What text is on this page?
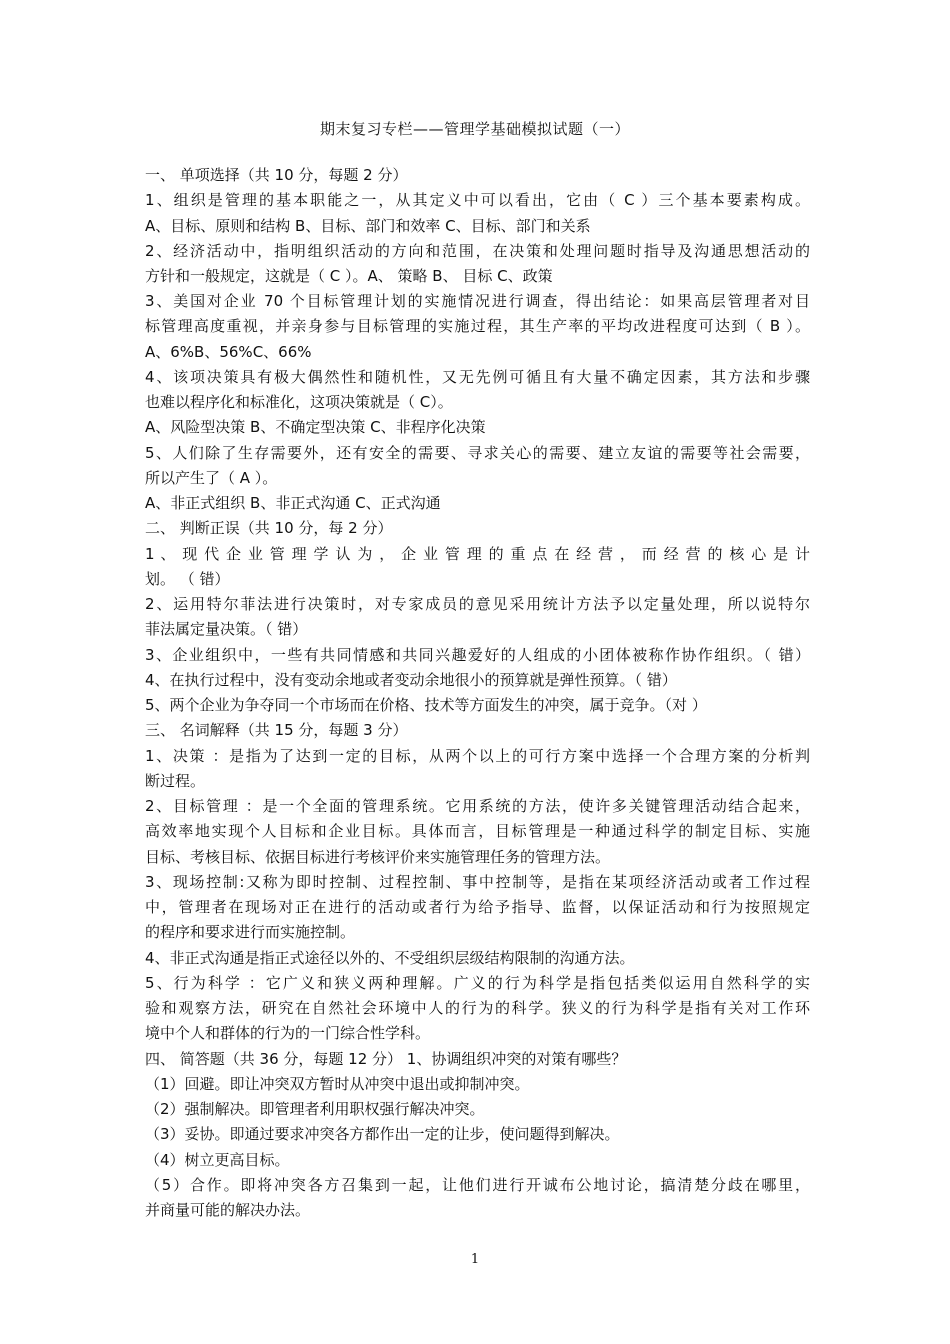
期末复习专栏——管理学基础模拟试题（一）
一、 单项选择（共 10 分，每题 2 分）
1、组织是管理的基本职能之一，从其定义中可以看出，它由（ C ）三个基本要素构成。
A、目标、原则和结构 B、目标、部门和效率 C、目标、部门和关系
2、经济活动中，指明组织活动的方向和范围，在决策和处理问题时指导及沟通思想活动的
方针和一般规定，这就是（ C ）。A、 策略 B、 目标 C、政策
3、美国对企业 70 个目标管理计划的实施情况进行调查，得出结论：如果高层管理者对目
标管理高度重视，并亲身参与目标管理的实施过程，其生产率的平均改进程度可达到（ B ）。
A、6%B、56%C、66%
4、该项决策具有极大偶然性和随机性，又无先例可循且有大量不确定因素，其方法和步骤
也难以程序化和标准化，这项决策就是（ C）。
A、风险型决策 B、不确定型决策 C、非程序化决策
5、人们除了生存需要外，还有安全的需要、寻求关心的需要、建立友谊的需要等社会需要，
所以产生了（ A ）。
A、非正式组织 B、非正式沟通 C、正式沟通
二、 判断正误（共 10 分，每 2 分）
1 、 现 代 企 业 管 理 学 认 为 ， 企 业 管 理 的 重 点 在 经 营 ， 而 经 营 的 核 心 是 计
划。 （ 错）
2、运用特尔菲法进行决策时，对专家成员的意见采用统计方法予以定量处理，所以说特尔
菲法属定量决策。（ 错）
3、企业组织中，一些有共同情感和共同兴趣爱好的人组成的小团体被称作协作组织。（ 错）
4、在执行过程中，没有变动余地或者变动余地很小的预算就是弹性预算。（ 错）
5、两个企业为争夺同一个市场而在价格、技术等方面发生的冲突，属于竞争。（对 ）
三、 名词解释（共 15 分，每题 3 分）
1、决策 ：是指为了达到一定的目标，从两个以上的可行方案中选择一个合理方案的分析判
断过程。
2、目标管理 ：是一个全面的管理系统。它用系统的方法，使许多关键管理活动结合起来，
高效率地实现个人目标和企业目标。具体而言，目标管理是一种通过科学的制定目标、实施
目标、考核目标、依据目标进行考核评价来实施管理任务的管理方法。
3、现场控制:又称为即时控制、过程控制、事中控制等，是指在某项经济活动或者工作过程
中，管理者在现场对正在进行的活动或者行为给予指导、监督，以保证活动和行为按照规定
的程序和要求进行而实施控制。
4、非正式沟通是指正式途径以外的、不受组织层级结构限制的沟通方法。
5、行为科学 ：它广义和狭义两种理解。广义的行为科学是指包括类似运用自然科学的实
验和观察方法，研究在自然社会环境中人的行为的科学。狭义的行为科学是指有关对工作环
境中个人和群体的行为的一门综合性学科。
四、 简答题（共 36 分，每题 12 分） 1、协调组织冲突的对策有哪些？
（1）回避。即让冲突双方暂时从冲突中退出或抑制冲突。
（2）强制解决。即管理者利用职权强行解决冲突。
（3）妥协。即通过要求冲突各方都作出一定的让步，使问题得到解决。
（4）树立更高目标。
（5）合作。即将冲突各方召集到一起，让他们进行开诚布公地讨论，搞清楚分歧在哪里，
并商量可能的解决办法。
1
